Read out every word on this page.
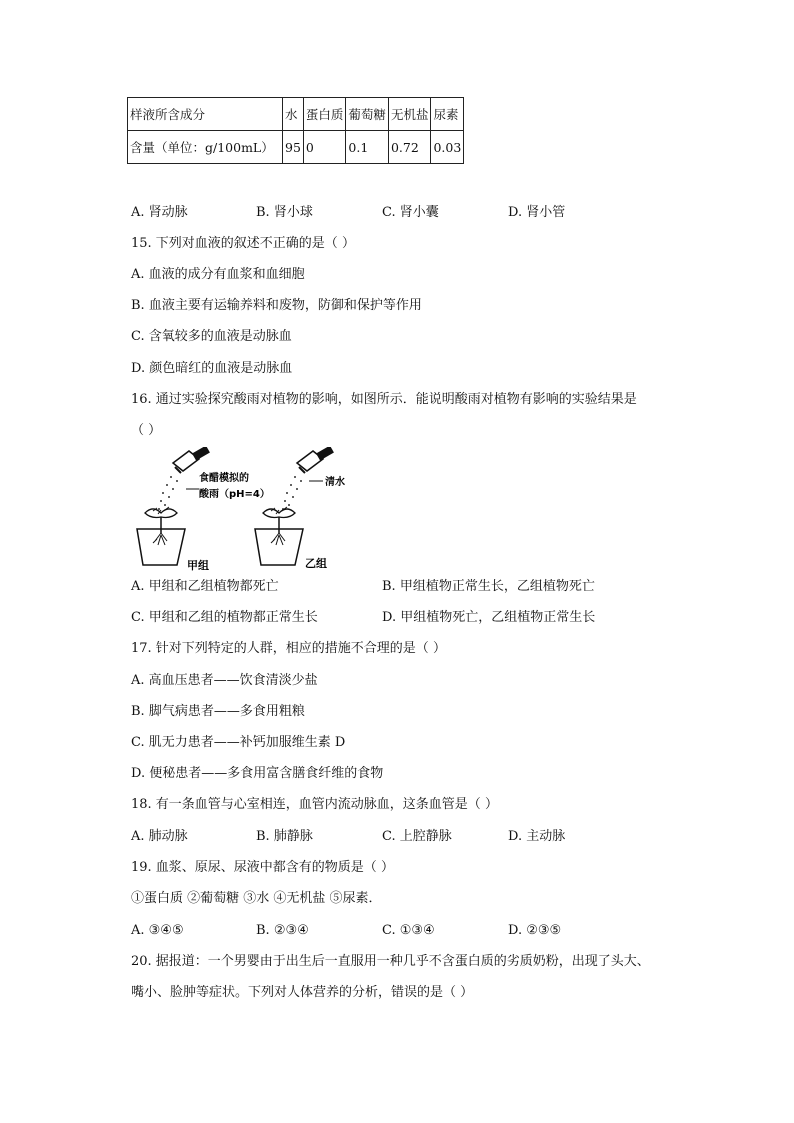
样液所含成分	水	蛋白质	葡萄糖	无机盐	尿素
含量（单位：g/100mL）	95	0	0.1	0.72	0.03
A. 肾动脉	B. 肾小球	C. 肾小囊	D. 肾小管
15. 下列对血液的叙述不正确的是（ ）
A. 血液的成分有血浆和血细胞
B. 血液主要有运输养料和废物，防御和保护等作用
C. 含氧较多的血液是动脉血
D. 颜色暗红的血液是动脉血
16. 通过实验探究酸雨对植物的影响，如图所示．能说明酸雨对植物有影响的实验结果是
（ ）
食醋模拟的
酸雨（pH=4）
甲组
清水
乙组
A. 甲组和乙组植物都死亡	B. 甲组植物正常生长，乙组植物死亡
C. 甲组和乙组的植物都正常生长	D. 甲组植物死亡，乙组植物正常生长
17. 针对下列特定的人群，相应的措施不合理的是（ ）
A. 高血压患者——饮食清淡少盐
B. 脚气病患者——多食用粗粮
C. 肌无力患者——补钙加服维生素 D
D. 便秘患者——多食用富含膳食纤维的食物
18. 有一条血管与心室相连，血管内流动脉血，这条血管是（ ）
A. 肺动脉	B. 肺静脉	C. 上腔静脉	D. 主动脉
19. 血浆、原尿、尿液中都含有的物质是（ ）
①蛋白质 ②葡萄糖 ③水 ④无机盐 ⑤尿素．
A. ③④⑤	B. ②③④	C. ①③④	D. ②③⑤
20. 据报道：一个男婴由于出生后一直服用一种几乎不含蛋白质的劣质奶粉，出现了头大、
嘴小、脸肿等症状。下列对人体营养的分析，错误的是（ ）
